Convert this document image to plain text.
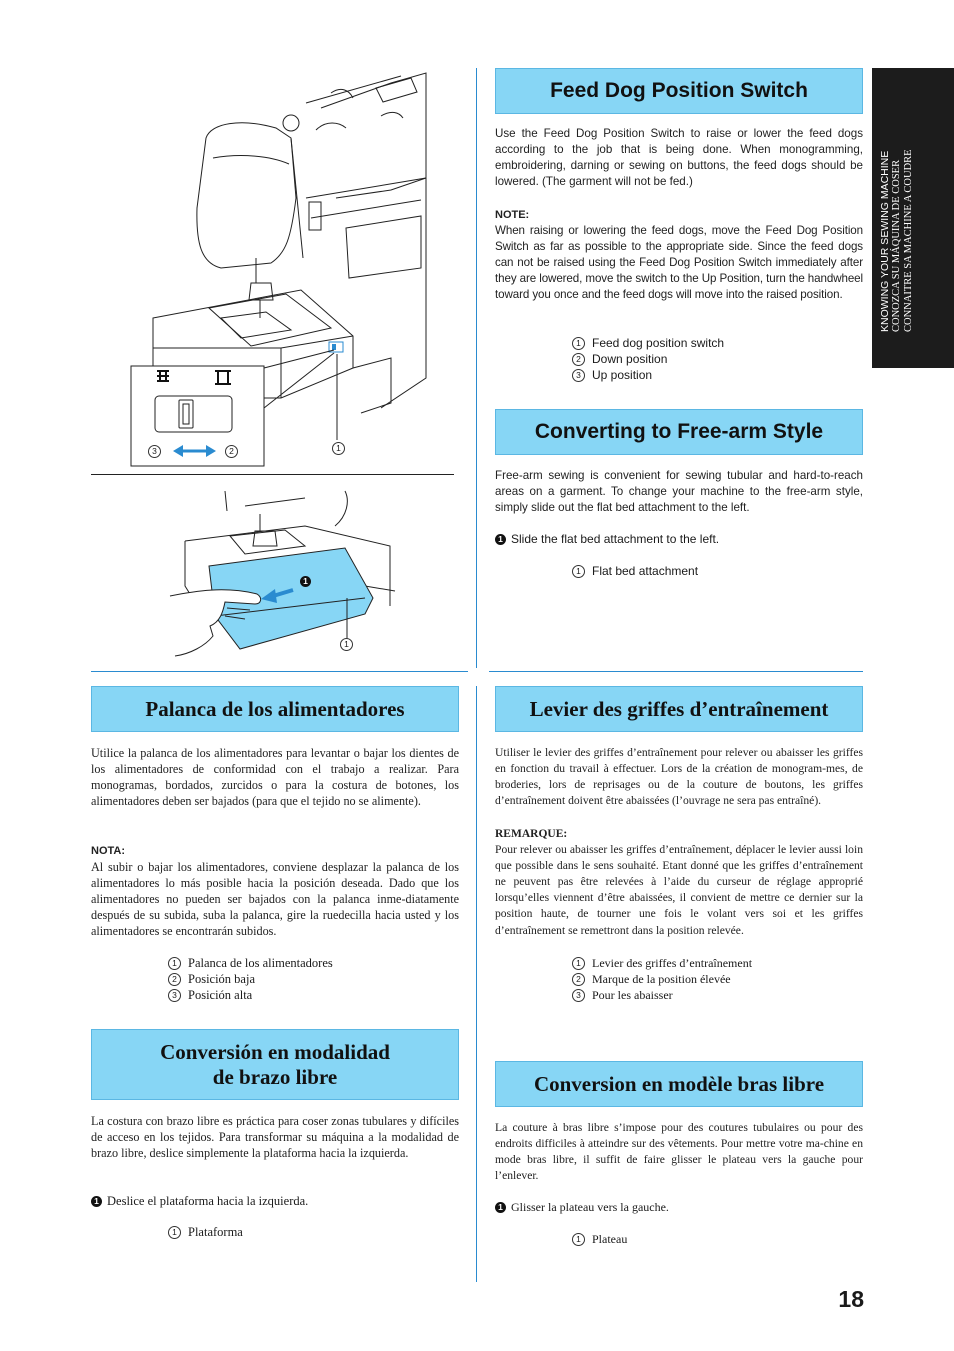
KNOWING YOUR SEWING MACHINE CONOZCA SU MÁQUINA DE COSER CONNAITRE SA MACHINE A COUDRE
3	2	1
1
1
Feed Dog Position Switch
Use the Feed Dog Position Switch to raise or lower the feed dogs according to the job that is being done. When monogramming, embroidering, darning or sewing on buttons, the feed dogs should be lowered. (The garment will not be fed.)
NOTE:
When raising or lowering the feed dogs, move the Feed Dog Position Switch as far as possible to the appropriate side. Since the feed dogs can not be raised using the Feed Dog Position Switch immediately after they are lowered, move the switch to the Up Position, turn the handwheel toward you once and the feed dogs will move into the raised position.
1 Feed dog position switch
2 Down position
3 Up position
Converting to Free-arm Style
Free-arm sewing is convenient for sewing tubular and hard-to-reach areas on a garment. To change your machine to the free-arm style, simply slide out the flat bed attachment to the left.
1 Slide the flat bed attachment to the left.
1 Flat bed attachment
Palanca de los alimentadores
Utilice la palanca de los alimentadores para levantar o bajar los dientes de los alimentadores de conformidad con el trabajo a realizar. Para monogramas, bordados, zurcidos o para la costura de botones, los alimentadores deben ser bajados (para que el tejido no se alimente).
NOTA:
Al subir o bajar los alimentadores, conviene desplazar la palanca de los alimentadores lo más posible hacia la posición deseada. Dado que los alimentadores no pueden ser bajados con la palanca inme-diatamente después de su subida, suba la palanca, gire la ruedecilla hacia usted y los alimentadores se encontrarán subidos.
1 Palanca de los alimentadores
2 Posición baja
3 Posición alta
Conversión en modalidad
de brazo libre
La costura con brazo libre es práctica para coser zonas tubulares y difíciles de acceso en los tejidos. Para transformar su máquina a la modalidad de brazo libre, deslice simplemente la plataforma hacia la izquierda.
1 Deslice el plataforma hacia la izquierda.
1 Plataforma
Levier des griffes d’entraînement
Utiliser le levier des griffes d’entraînement pour relever ou abaisser les griffes en fonction du travail à effectuer. Lors de la création de monogram-mes, de broderies, lors de reprisages ou de la couture de boutons, les griffes d’entraînement doivent être abaissées (l’ouvrage ne sera pas entraîné).
REMARQUE:
Pour relever ou abaisser les griffes d’entraînement, déplacer le levier aussi loin que possible dans le sens souhaité. Etant donné que les griffes d’entraînement ne peuvent pas être relevées à l’aide du curseur de réglage approprié lorsqu’elles viennent d’être abaissées, il convient de mettre ce dernier sur la position haute, de tourner une fois le volant vers soi et les griffes d’entraînement se remettront dans la position relevée.
1 Levier des griffes d’entraînement
2 Marque de la position élevée
3 Pour les abaisser
Conversion en modèle bras libre
La couture à bras libre s’impose pour des coutures tubulaires ou pour des endroits difficiles à atteindre sur des vêtements. Pour mettre votre ma-chine en mode bras libre, il suffit de faire glisser le plateau vers la gauche pour l’enlever.
1 Glisser la plateau vers la gauche.
1 Plateau
18
